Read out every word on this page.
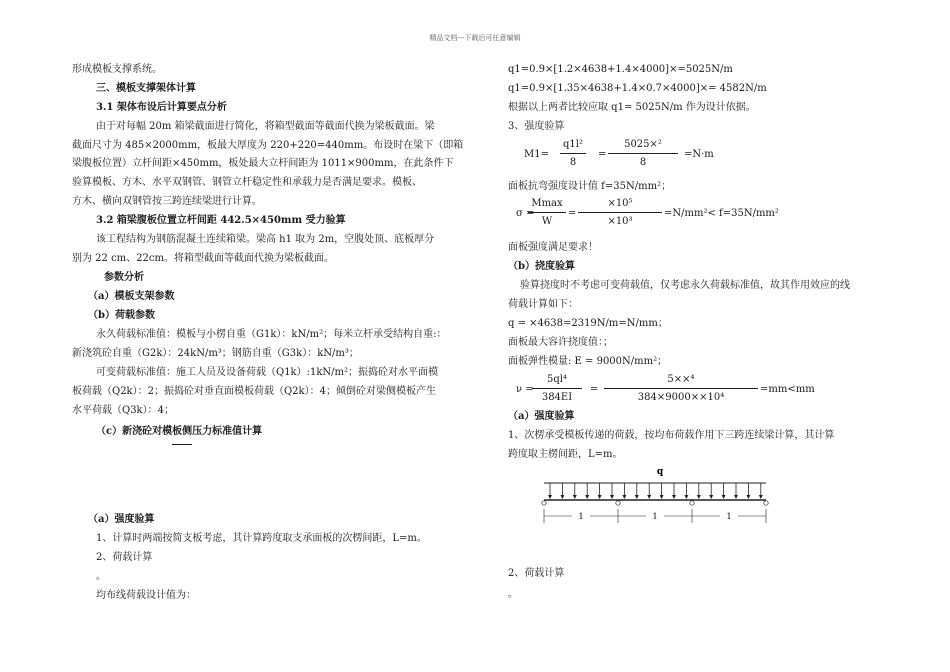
精品文档---下载后可任意编辑
形成模板支撑系统。
三、模板支撑架体计算
3.1 架体布设后计算要点分析
由于对每幅 20m 箱梁截面进行简化，将箱型截面等截面代换为梁板截面。梁
截面尺寸为 485×2000mm，板最大厚度为 220+220=440mm。布设时在梁下（即箱
梁腹板位置）立杆间距×450mm，板处最大立杆间距为 1011×900mm，在此条件下
验算模板、方木、水平双钢管、钢管立杆稳定性和承载力是否满足要求。模板、
方木、横向双钢管按三跨连续梁进行计算。
3.2 箱梁腹板位置立杆间距 442.5×450mm 受力验算
该工程结构为钢筋混凝土连续箱梁。梁高 h1 取为 2m，空腹处顶、底板厚分
别为 22 cm、22cm。将箱型截面等截面代换为梁板截面。
参数分析
（a）模板支架参数
（b）荷载参数
永久荷载标准值：模板与小楞自重（G1k）：kN/m²；每米立杆承受结构自重:：
新浇筑砼自重（G2k）：24kN/m³；钢筋自重（G3k）：kN/m³；
可变荷载标准值：施工人员及设备荷载（Q1k）:1kN/m²；振捣砼对水平面模
板荷载（Q2k）：2；振捣砼对垂直面模板荷载（Q2k）：4；倾倒砼对梁侧模板产生
水平荷载（Q3k）：4；
（c）新浇砼对模板侧压力标准值计算
（a）强度验算
1、计算时两端按简支板考虑，其计算跨度取支承面板的次楞间距，L=m。
2、荷载计算
。
均布线荷载设计值为：
q1=0.9×[1.2×4638+1.4×4000]×=5025N/m
q1=0.9×[1.35×4638+1.4×0.7×4000]×= 4582N/m
根据以上两者比较应取 q1= 5025N/m 作为设计依据。
3、强度验算
M1=
q1l²
8
=
5025×²
8
=N·m
面板抗弯强度设计值 f=35N/mm²；
σ =
Mmax
W
=
×10⁵
×10³
=N/mm²< f=35N/mm²
面板强度满足要求！
（b）挠度验算
验算挠度时不考虑可变荷载值，仅考虑永久荷载标准值，故其作用效应的线
荷载计算如下：
q = ×4638=2319N/m=N/mm；
面板最大容许挠度值：；
面板弹性模量: E = 9000N/mm²；
ν =
5ql⁴
384EI
=
5××⁴
384×9000××10⁴
=mm<mm
（a）强度验算
1、次楞承受模板传递的荷载，按均布荷载作用下三跨连续梁计算，其计算
跨度取主楞间距，L=m。
q
1	1	1
2、荷载计算
。
